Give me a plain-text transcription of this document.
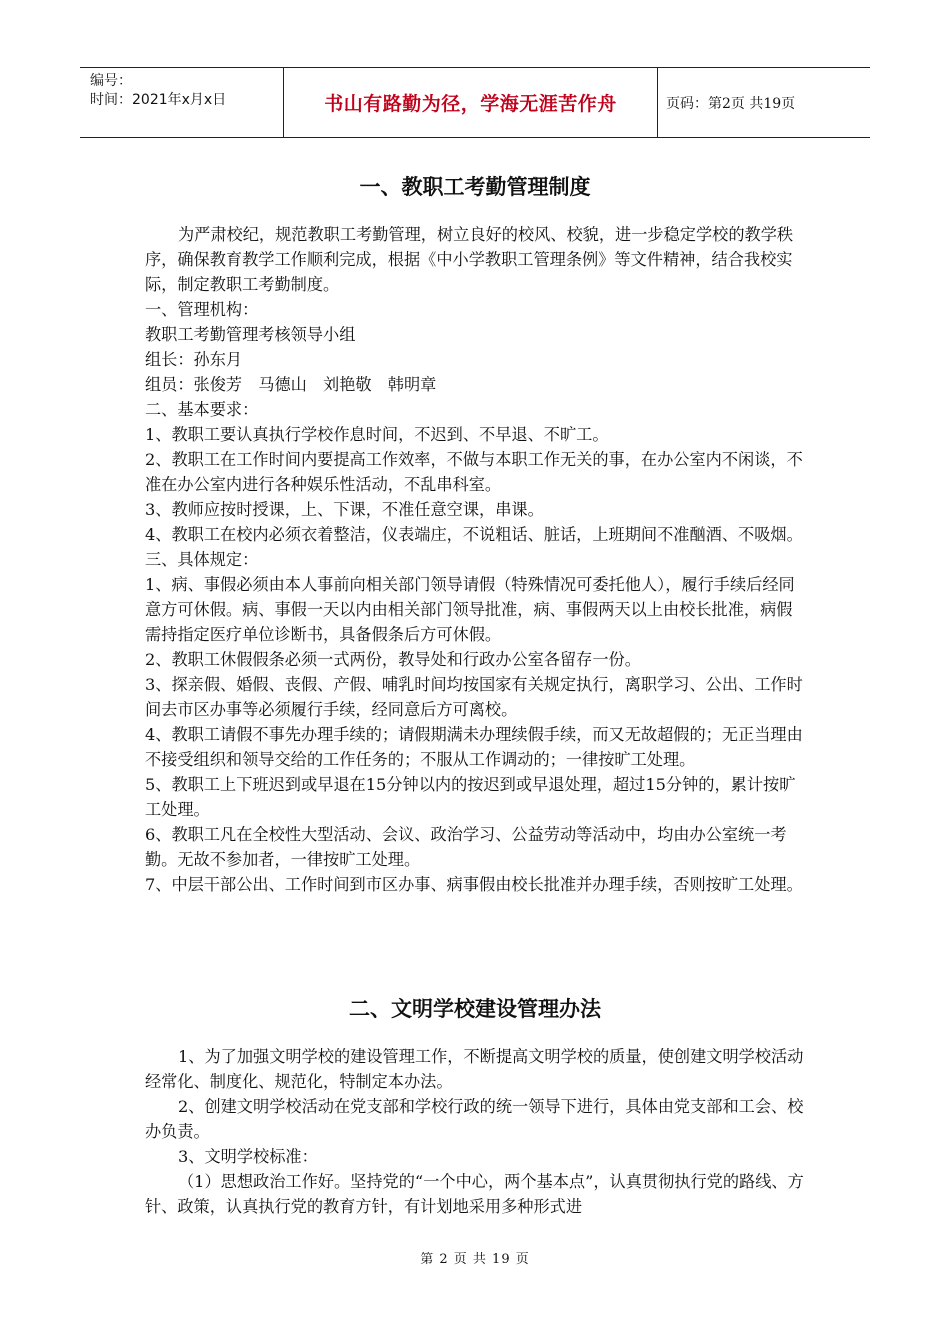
编号：
时间：2021年x月x日	书山有路勤为径，学海无涯苦作舟	页码：第2页 共19页
一、教职工考勤管理制度

为严肃校纪，规范教职工考勤管理，树立良好的校风、校貌，进一步稳定学校的教学秩序，确保教育教学工作顺利完成，根据《中小学教职工管理条例》等文件精神，结合我校实际，制定教职工考勤制度。

一、管理机构：

教职工考勤管理考核领导小组

组长：孙东月

组员：张俊芳　马德山　刘艳敬　韩明章

二、基本要求：

1、教职工要认真执行学校作息时间，不迟到、不早退、不旷工。

2、教职工在工作时间内要提高工作效率，不做与本职工作无关的事，在办公室内不闲谈，不准在办公室内进行各种娱乐性活动，不乱串科室。

3、教师应按时授课，上、下课，不准任意空课，串课。

4、教职工在校内必须衣着整洁，仪表端庄，不说粗话、脏话，上班期间不准酗酒、不吸烟。

三、具体规定：

1、病、事假必须由本人事前向相关部门领导请假（特殊情况可委托他人），履行手续后经同意方可休假。病、事假一天以内由相关部门领导批准，病、事假两天以上由校长批准，病假需持指定医疗单位诊断书，具备假条后方可休假。

2、教职工休假假条必须一式两份，教导处和行政办公室各留存一份。

3、探亲假、婚假、丧假、产假、哺乳时间均按国家有关规定执行，离职学习、公出、工作时间去市区办事等必须履行手续，经同意后方可离校。

4、教职工请假不事先办理手续的；请假期满未办理续假手续，而又无故超假的；无正当理由不接受组织和领导交给的工作任务的；不服从工作调动的；一律按旷工处理。

5、教职工上下班迟到或早退在15分钟以内的按迟到或早退处理，超过15分钟的，累计按旷工处理。

6、教职工凡在全校性大型活动、会议、政治学习、公益劳动等活动中，均由办公室统一考勤。无故不参加者，一律按旷工处理。

7、中层干部公出、工作时间到市区办事、病事假由校长批准并办理手续，否则按旷工处理。

二、文明学校建设管理办法

1、为了加强文明学校的建设管理工作，不断提高文明学校的质量，使创建文明学校活动经常化、制度化、规范化，特制定本办法。

2、创建文明学校活动在党支部和学校行政的统一领导下进行，具体由党支部和工会、校办负责。

3、文明学校标准：

（1）思想政治工作好。坚持党的“一个中心，两个基本点”，认真贯彻执行党的路线、方针、政策，认真执行党的教育方针，有计划地采用多种形式进

第 2 页 共 19 页
